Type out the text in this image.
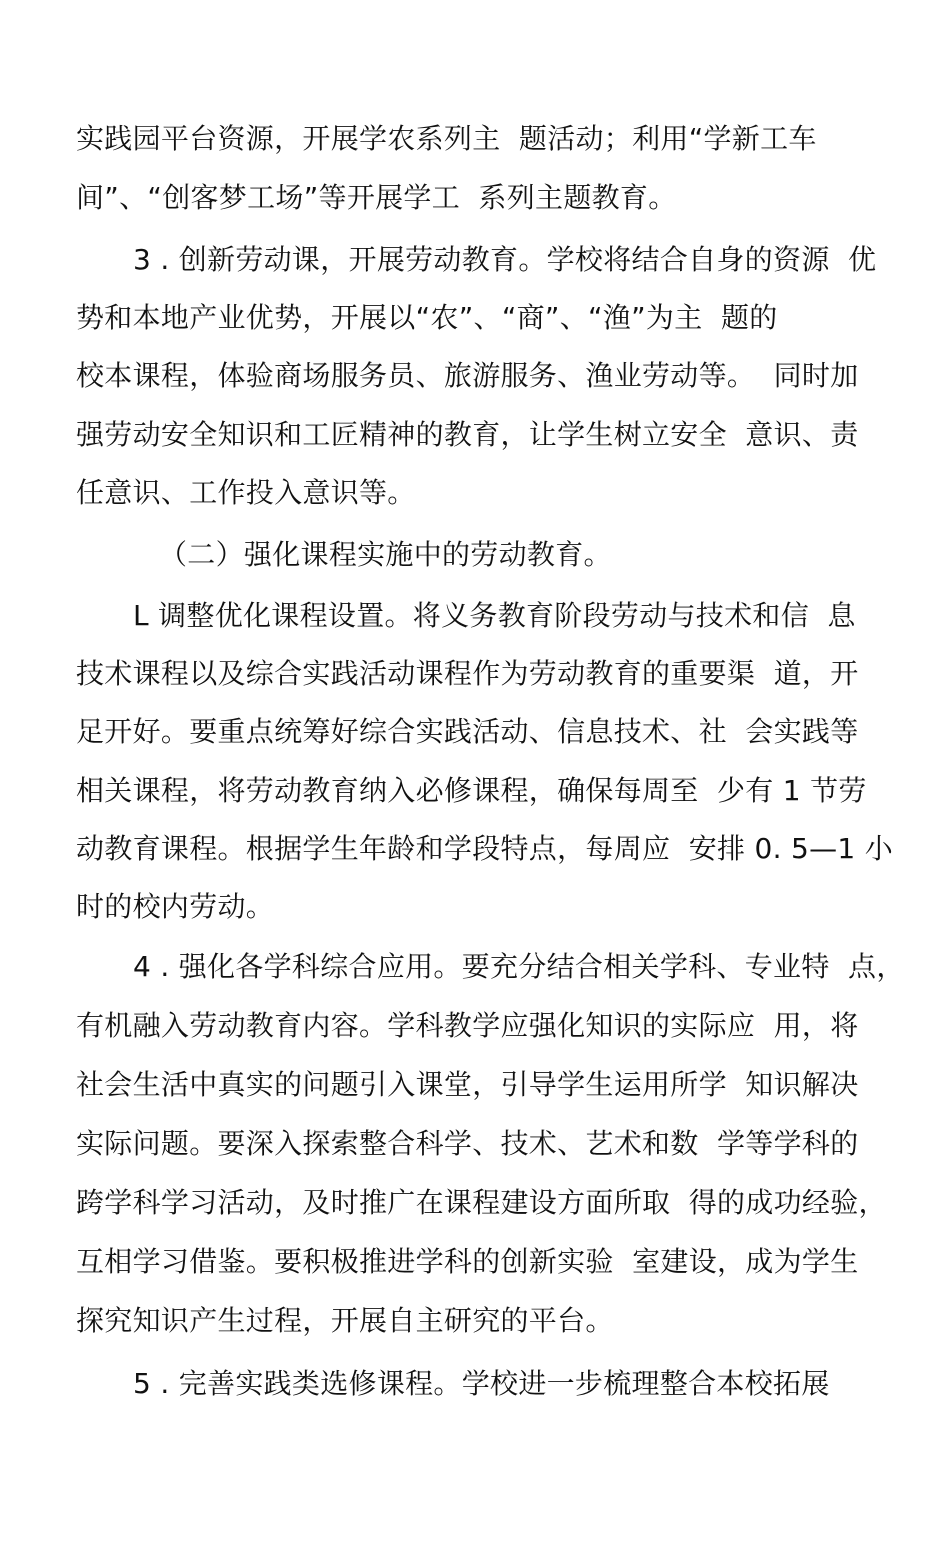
实践园平台资源，开展学农系列主  题活动；利用“学新工车

间”、“创客梦工场”等开展学工  系列主题教育。

3 . 创新劳动课，开展劳动教育。学校将结合自身的资源  优

势和本地产业优势，开展以“农”、“商”、“渔”为主  题的

校本课程，体验商场服务员、旅游服务、渔业劳动等。  同时加

强劳动安全知识和工匠精神的教育，让学生树立安全  意识、责

任意识、工作投入意识等。

（二）强化课程实施中的劳动教育。

L 调整优化课程设置。将义务教育阶段劳动与技术和信  息

技术课程以及综合实践活动课程作为劳动教育的重要渠  道，开

足开好。要重点统筹好综合实践活动、信息技术、社  会实践等

相关课程，将劳动教育纳入必修课程，确保每周至  少有 1 节劳

动教育课程。根据学生年龄和学段特点，每周应  安排 0. 5—1 小

时的校内劳动。

4 . 强化各学科综合应用。要充分结合相关学科、专业特  点，

有机融入劳动教育内容。学科教学应强化知识的实际应  用，将

社会生活中真实的问题引入课堂，引导学生运用所学  知识解决

实际问题。要深入探索整合科学、技术、艺术和数  学等学科的

跨学科学习活动，及时推广在课程建设方面所取  得的成功经验，

互相学习借鉴。要积极推进学科的创新实验  室建设，成为学生

探究知识产生过程，开展自主研究的平台。

5 . 完善实践类选修课程。学校进一步梳理整合本校拓展
